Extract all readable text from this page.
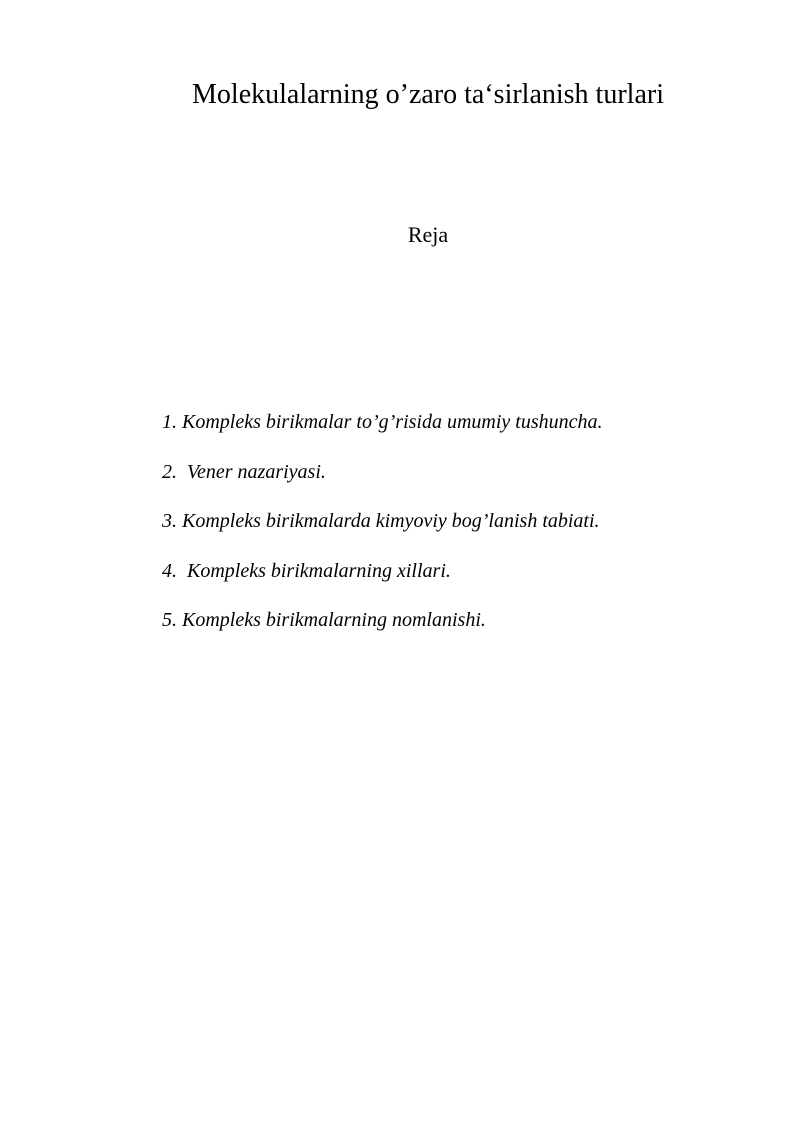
Molekulalarning o’zaro ta‘sirlanish turlari
Reja
1. Kompleks birikmalar to’g’risida umumiy tushuncha.
2.  Vener nazariyasi.
3. Kompleks birikmalarda kimyoviy bog’lanish tabiati.
4.  Kompleks birikmalarning xillari.
5. Kompleks birikmalarning nomlanishi.
